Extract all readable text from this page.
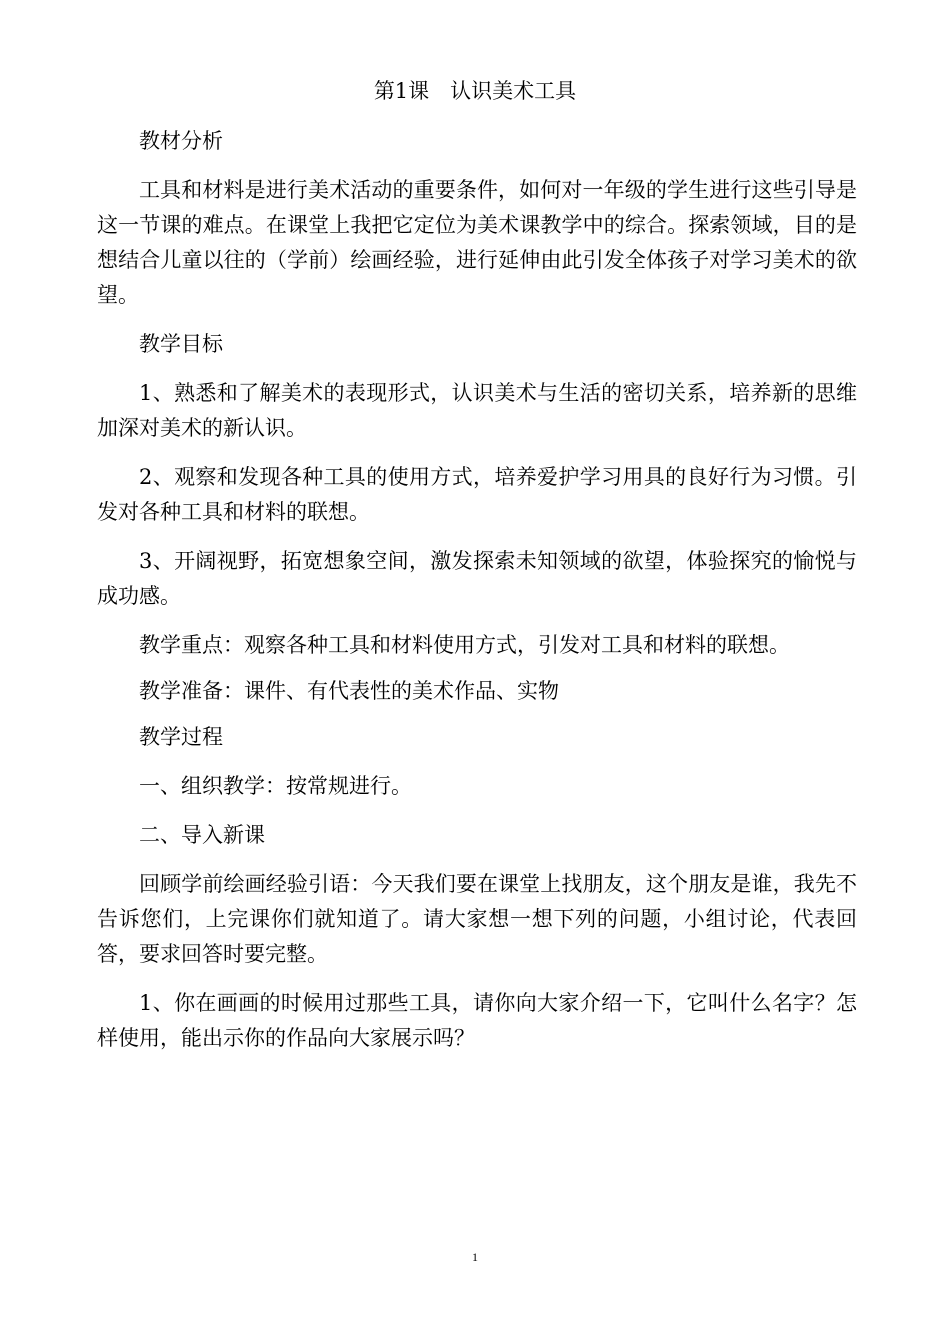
第1课　认识美术工具

教材分析

工具和材料是进行美术活动的重要条件，如何对一年级的学生进行这些引导是这一节课的难点。在课堂上我把它定位为美术课教学中的综合。探索领域，目的是想结合儿童以往的（学前）绘画经验，进行延伸由此引发全体孩子对学习美术的欲望。

教学目标

1、熟悉和了解美术的表现形式，认识美术与生活的密切关系，培养新的思维加深对美术的新认识。

2、观察和发现各种工具的使用方式，培养爱护学习用具的良好行为习惯。引发对各种工具和材料的联想。

3、开阔视野，拓宽想象空间，激发探索未知领域的欲望，体验探究的愉悦与成功感。

教学重点：观察各种工具和材料使用方式，引发对工具和材料的联想。

教学准备：课件、有代表性的美术作品、实物

教学过程

一、组织教学：按常规进行。

二、导入新课

回顾学前绘画经验引语：今天我们要在课堂上找朋友，这个朋友是谁，我先不告诉您们，上完课你们就知道了。请大家想一想下列的问题，小组讨论，代表回答，要求回答时要完整。

1、你在画画的时候用过那些工具，请你向大家介绍一下，它叫什么名字？怎样使用，能出示你的作品向大家展示吗？

1
